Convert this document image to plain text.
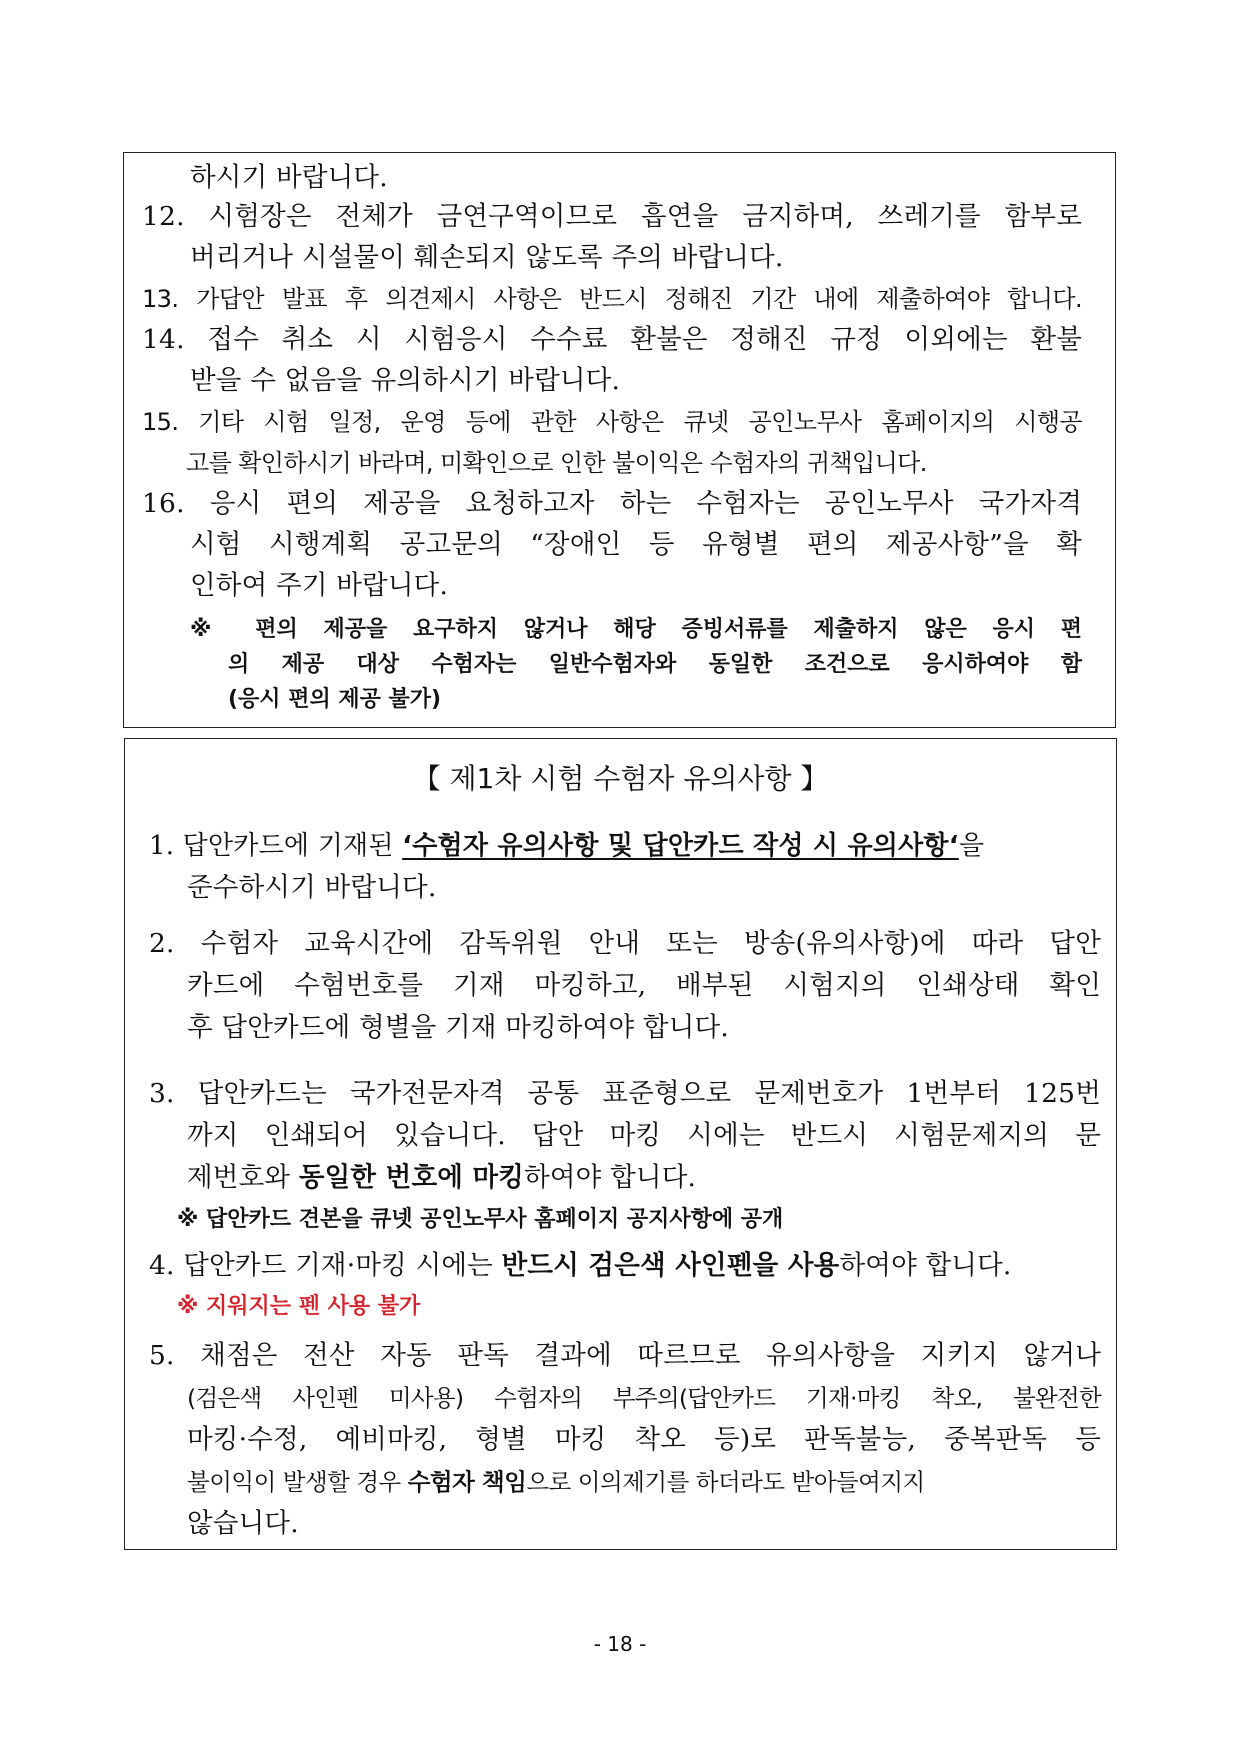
하시기 바랍니다.
12. 시험장은 전체가 금연구역이므로 흡연을 금지하며, 쓰레기를 함부로
버리거나 시설물이 훼손되지 않도록 주의 바랍니다.
13. 가답안 발표 후 의견제시 사항은 반드시 정해진 기간 내에 제출하여야 합니다.
14. 접수 취소 시 시험응시 수수료 환불은 정해진 규정 이외에는 환불
받을 수 없음을 유의하시기 바랍니다.
15. 기타 시험 일정, 운영 등에 관한 사항은 큐넷 공인노무사 홈페이지의 시행공
고를 확인하시기 바라며, 미확인으로 인한 불이익은 수험자의 귀책입니다.
16. 응시 편의 제공을 요청하고자 하는 수험자는 공인노무사 국가자격
시험 시행계획 공고문의 “장애인 등 유형별 편의 제공사항”을 확
인하여 주기 바랍니다.
※ 편의 제공을 요구하지 않거나 해당 증빙서류를 제출하지 않은 응시 편
의 제공 대상 수험자는 일반수험자와 동일한 조건으로 응시하여야 함
(응시 편의 제공 불가)
【 제1차 시험 수험자 유의사항 】
1. 답안카드에 기재된 ‘수험자 유의사항 및 답안카드 작성 시 유의사항‘을
준수하시기 바랍니다.
2. 수험자 교육시간에 감독위원 안내 또는 방송(유의사항)에 따라 답안
카드에 수험번호를 기재 마킹하고, 배부된 시험지의 인쇄상태 확인
후 답안카드에 형별을 기재 마킹하여야 합니다.
3. 답안카드는 국가전문자격 공통 표준형으로 문제번호가 1번부터 125번
까지 인쇄되어 있습니다. 답안 마킹 시에는 반드시 시험문제지의 문
제번호와 동일한 번호에 마킹하여야 합니다.
※ 답안카드 견본을 큐넷 공인노무사 홈페이지 공지사항에 공개
4. 답안카드 기재·마킹 시에는 반드시 검은색 사인펜을 사용하여야 합니다.
※ 지워지는 펜 사용 불가
5. 채점은 전산 자동 판독 결과에 따르므로 유의사항을 지키지 않거나
(검은색 사인펜 미사용) 수험자의 부주의(답안카드 기재·마킹 착오, 불완전한
마킹·수정, 예비마킹, 형별 마킹 착오 등)로 판독불능, 중복판독 등
불이익이 발생할 경우 수험자 책임으로 이의제기를 하더라도 받아들여지지
않습니다.
- 18 -
